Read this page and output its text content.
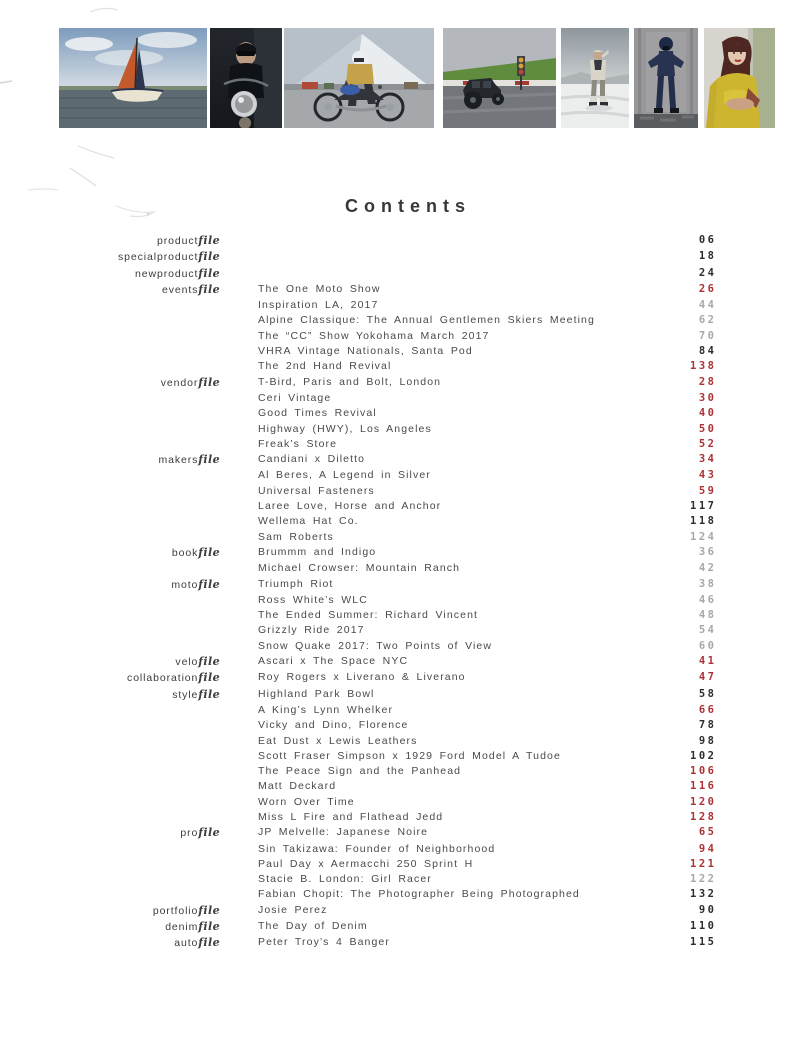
Contents
productfile	06
specialproductfile	18
newproductfile	24
eventsfile	The One Moto Show	26
Inspiration LA, 2017	44
Alpine Classique: The Annual Gentlemen Skiers Meeting	62
The “CC” Show Yokohama March 2017	70
VHRA Vintage Nationals, Santa Pod	84
The 2nd Hand Revival	138
vendorfile	T-Bird, Paris and Bolt, London	28
Ceri Vintage	30
Good Times Revival	40
Highway (HWY), Los Angeles	50
Freak’s Store	52
makersfile	Candiani x Diletto	34
Al Beres, A Legend in Silver	43
Universal Fasteners	59
Laree Love, Horse and Anchor	117
Wellema Hat Co.	118
Sam Roberts	124
bookfile	Brummm and Indigo	36
Michael Crowser: Mountain Ranch	42
motofile	Triumph Riot	38
Ross White’s WLC	46
The Ended Summer: Richard Vincent	48
Grizzly Ride 2017	54
Snow Quake 2017: Two Points of View	60
velofile	Ascari x The Space NYC	41
collaborationfile	Roy Rogers x Liverano & Liverano	47
stylefile	Highland Park Bowl	58
A King’s Lynn Whelker	66
Vicky and Dino, Florence	78
Eat Dust x Lewis Leathers	98
Scott Fraser Simpson x 1929 Ford Model A Tudoe	102
The Peace Sign and the Panhead	106
Matt Deckard	116
Worn Over Time	120
Miss L Fire and Flathead Jedd	128
profile	JP Melvelle: Japanese Noire	65
Sin Takizawa: Founder of Neighborhood	94
Paul Day x Aermacchi 250 Sprint H	121
Stacie B. London: Girl Racer	122
Fabian Chopit: The Photographer Being Photographed	132
portfoliofile	Josie Perez	90
denimfile	The Day of Denim	110
autofile	Peter Troy’s 4 Banger	115
